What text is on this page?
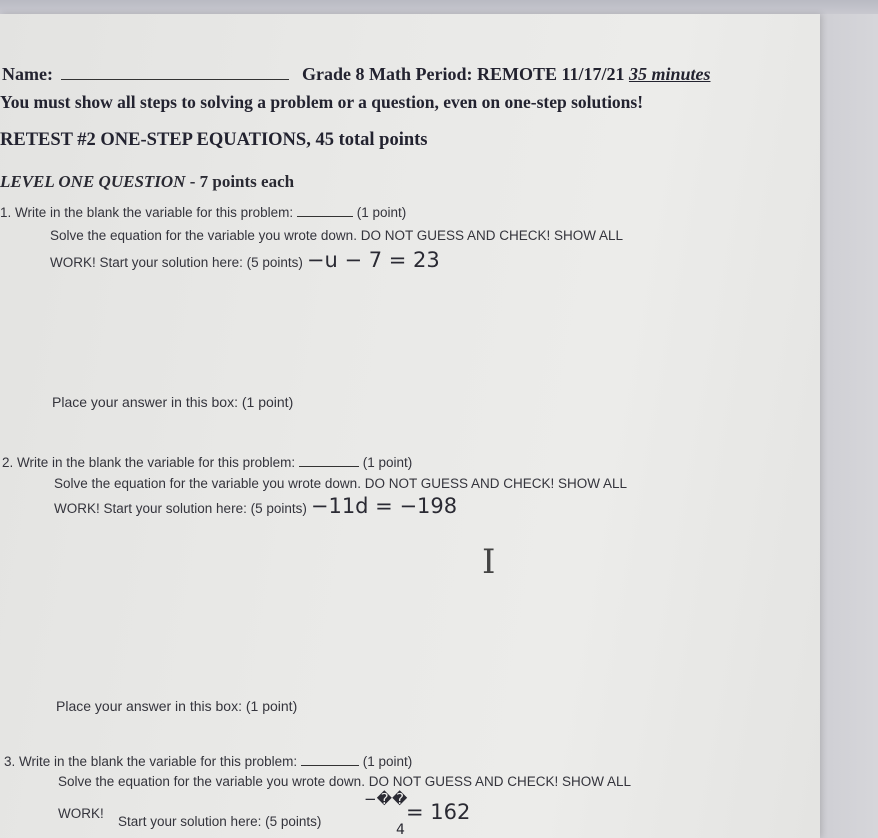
Name:	Grade 8 Math Period: REMOTE 11/17/21 35 minutes
You must show all steps to solving a problem or a question, even on one-step solutions!
RETEST #2 ONE-STEP EQUATIONS, 45 total points
LEVEL ONE QUESTION - 7 points each
1. Write in the blank the variable for this problem:	(1 point)
Solve the equation for the variable you wrote down. DO NOT GUESS AND CHECK! SHOW ALL
WORK! Start your solution here: (5 points) −u − 7 = 23
Place your answer in this box: (1 point)
2. Write in the blank the variable for this problem:	(1 point)
Solve the equation for the variable you wrote down. DO NOT GUESS AND CHECK! SHOW ALL
WORK! Start your solution here: (5 points) −11d = −198
I
Place your answer in this box: (1 point)
3. Write in the blank the variable for this problem:	(1 point)
Solve the equation for the variable you wrote down. DO NOT GUESS AND CHECK! SHOW ALL
WORK!
Start your solution here: (5 points)
−��
4
= 162
